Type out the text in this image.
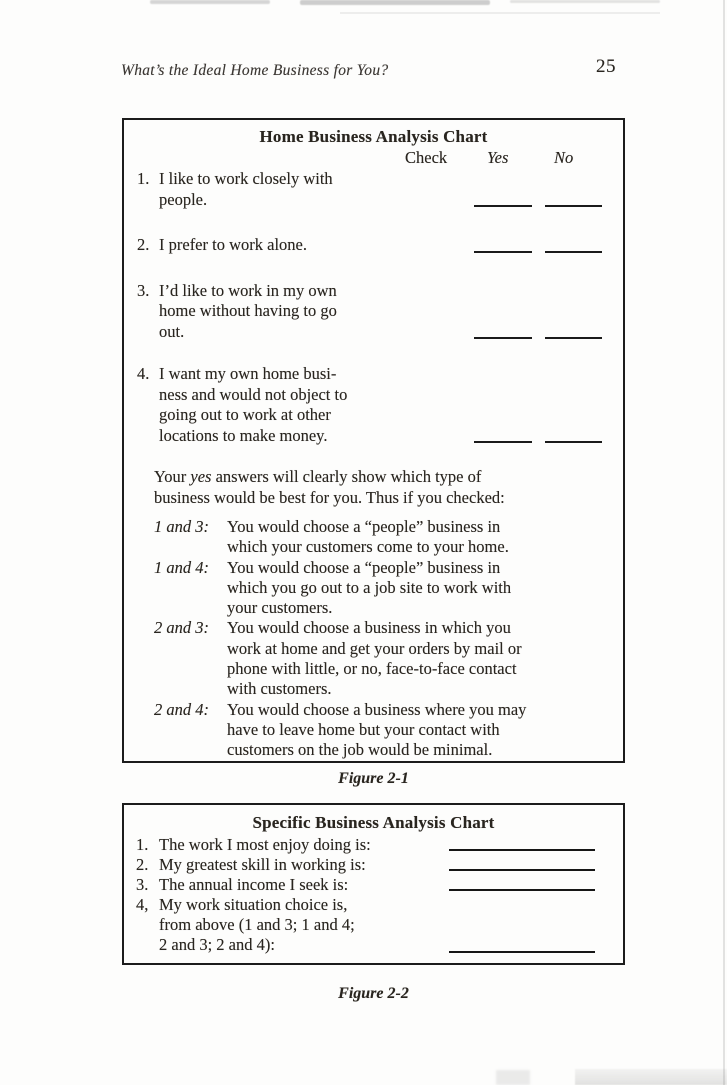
What’s the Ideal Home Business for You?	25
Home Business Analysis Chart
Check Yes	No
1. I like to work closely with
people.
2. I prefer to work alone.
3. I’d like to work in my own
home without having to go
out.
4. I want my own home busi-
ness and would not object to
going out to work at other
locations to make money.
Your yes answers will clearly show which type of
business would be best for you. Thus if you checked:
1 and 3:	You would choose a “people” business in
which your customers come to your home.
1 and 4:	You would choose a “people” business in
which you go out to a job site to work with
your customers.
2 and 3:	You would choose a business in which you
work at home and get your orders by mail or
phone with little, or no, face-to-face contact
with customers.
2 and 4:	You would choose a business where you may
have to leave home but your contact with
customers on the job would be minimal.
Figure 2-1
Specific Business Analysis Chart
1. The work I most enjoy doing is:
2. My greatest skill in working is:
3. The annual income I seek is:
4, My work situation choice is,
from above (1 and 3; 1 and 4;
2 and 3; 2 and 4):
Figure 2-2
